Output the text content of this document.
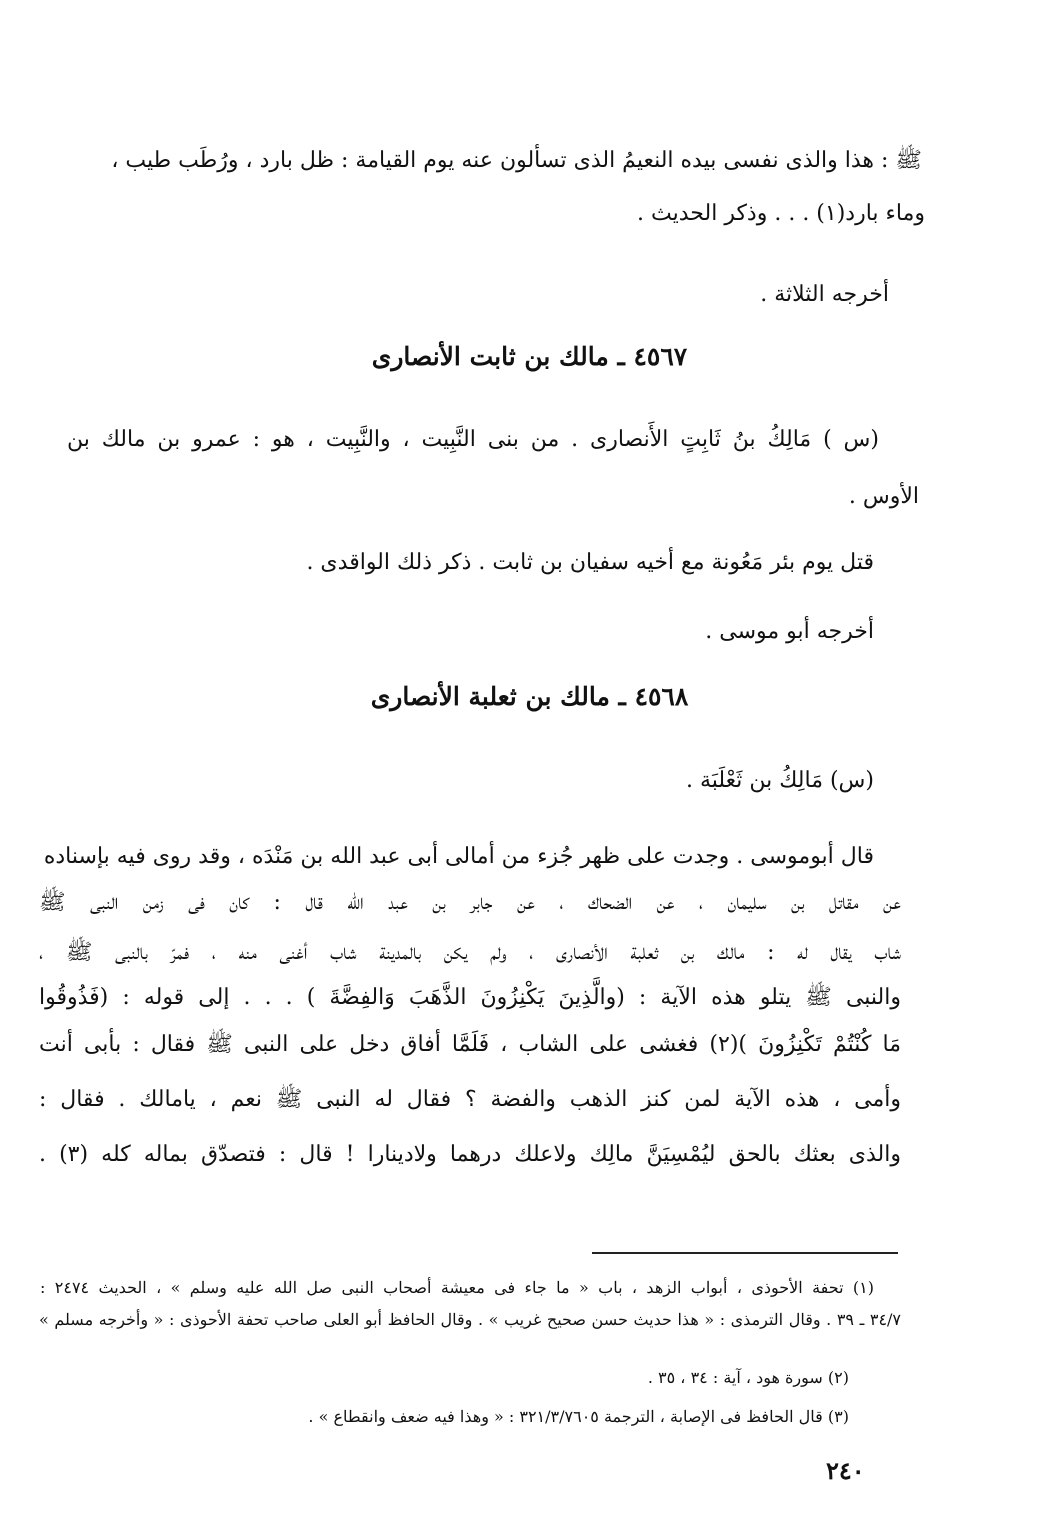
ﷺ : هذا والذى نفسى بيده النعيمُ الذى تسألون عنه يوم القيامة : ظل بارد ، ورُطَب طيب ،
وماء بارد(١) . . . وذكر الحديث .
أخرجه الثلاثة .
٤٥٦٧ ـ مالك بن ثابت الأنصارى
(س ) مَالِكُ بنُ ثَابِتٍ الأَنصارى . من بنى النَّبِيت ، والنَّبِيت ، هو : عمرو بن مالك بن
الأوس .
قتل يوم بئر مَعُونة مع أخيه سفيان بن ثابت . ذكر ذلك الواقدى .
أخرجه أبو موسى .
٤٥٦٨ ـ مالك بن ثعلبة الأنصارى
(س) مَالِكُ بن ثَعْلَبَة .
قال أبوموسى . وجدت على ظهر جُزء من أمالى أبى عبد الله بن مَنْدَه ، وقد روى فيه بإسناده
عن مقاتل بن سليمان ، عن الضحاك ، عن جابر بن عبد الله قال : كان فى زمن النبى ﷺ
شاب يقال له : مالك بن ثعلبة الأنصارى ، ولم يكن بالمدينة شاب أغنى منه ، فمرّ بالنبى ﷺ ،
والنبى ﷺ يتلو هذه الآية : (والَّذِينَ يَكْنِزُونَ الذَّهَبَ وَالفِضَّةَ ) . . . إلى قوله : (فَذُوقُوا
مَا كُنْتُمْ تَكْنِزُونَ )(٢) فغشى على الشاب ، فَلَمَّا أفاق دخل على النبى ﷺ فقال : بأبى أنت
وأمى ، هذه الآية لمن كنز الذهب والفضة ؟ فقال له النبى ﷺ نعم ، يامالك . فقال :
والذى بعثك بالحق ليُمْسِيَنَّ مالِك ولاعلك درهما ولادينارا ! قال : فتصدّق بماله كله (٣) .
(١) تحفة الأحوذى ، أبواب الزهد ، باب « ما جاء فى معيشة أصحاب النبى صل الله عليه وسلم » ، الحديث ٢٤٧٤ :
٣٤/٧ ـ ٣٩ . وقال الترمذى : « هذا حديث حسن صحيح غريب » . وقال الحافظ أبو العلى صاحب تحفة الأحوذى : « وأخرجه مسلم »
(٢) سورة هود ، آية : ٣٤ ، ٣٥ .
(٣) قال الحافظ فى الإصابة ، الترجمة ٣٢١/٣/٧٦٠٥ : « وهذا فيه ضعف وانقطاع » .
٢٤٠
